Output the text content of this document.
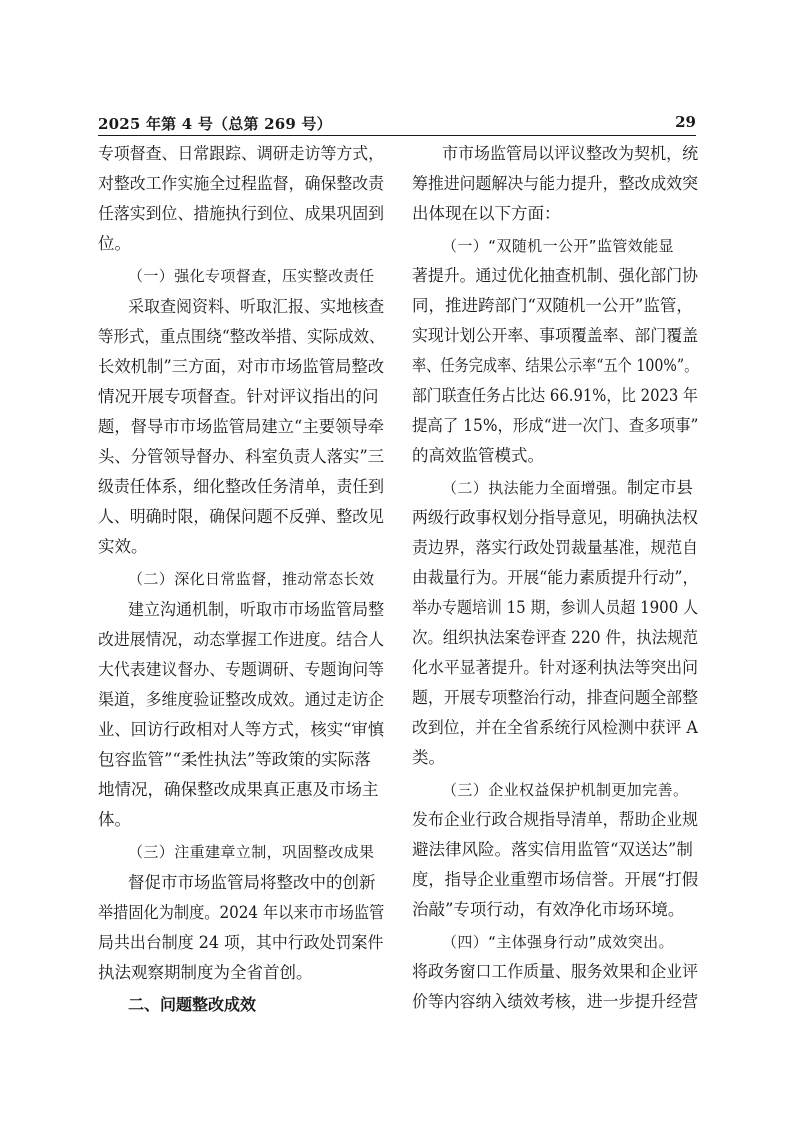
2025 年第 4 号（总第 269 号）	29
专项督查、日常跟踪、调研走访等方式，
对整改工作实施全过程监督，确保整改责
任落实到位、措施执行到位、成果巩固到
位。
（一）强化专项督查，压实整改责任
采取查阅资料、听取汇报、实地核查
等形式，重点围绕“整改举措、实际成效、
长效机制”三方面，对市市场监管局整改
情况开展专项督查。针对评议指出的问
题，督导市市场监管局建立“主要领导牵
头、分管领导督办、科室负责人落实”三
级责任体系，细化整改任务清单，责任到
人、明确时限，确保问题不反弹、整改见
实效。
（二）深化日常监督，推动常态长效
建立沟通机制，听取市市场监管局整
改进展情况，动态掌握工作进度。结合人
大代表建议督办、专题调研、专题询问等
渠道，多维度验证整改成效。通过走访企
业、回访行政相对人等方式，核实“审慎
包容监管”“柔性执法”等政策的实际落
地情况，确保整改成果真正惠及市场主
体。
（三）注重建章立制，巩固整改成果
督促市市场监管局将整改中的创新
举措固化为制度。2024 年以来市市场监管
局共出台制度 24 项，其中行政处罚案件
执法观察期制度为全省首创。
二、问题整改成效
市市场监管局以评议整改为契机，统
筹推进问题解决与能力提升，整改成效突
出体现在以下方面：
（一）“双随机一公开”监管效能显
著提升。通过优化抽查机制、强化部门协
同，推进跨部门“双随机一公开”监管，
实现计划公开率、事项覆盖率、部门覆盖
率、任务完成率、结果公示率“五个 100%”。
部门联查任务占比达 66.91%，比 2023 年
提高了 15%，形成“进一次门、查多项事”
的高效监管模式。
（二）执法能力全面增强。制定市县
两级行政事权划分指导意见，明确执法权
责边界，落实行政处罚裁量基准，规范自
由裁量行为。开展“能力素质提升行动”，
举办专题培训 15 期，参训人员超 1900 人
次。组织执法案卷评查 220 件，执法规范
化水平显著提升。针对逐利执法等突出问
题，开展专项整治行动，排查问题全部整
改到位，并在全省系统行风检测中获评 A
类。
（三）企业权益保护机制更加完善。
发布企业行政合规指导清单，帮助企业规
避法律风险。落实信用监管“双送达”制
度，指导企业重塑市场信誉。开展“打假
治敲”专项行动，有效净化市场环境。
（四）“主体强身行动”成效突出。
将政务窗口工作质量、服务效果和企业评
价等内容纳入绩效考核，进一步提升经营
